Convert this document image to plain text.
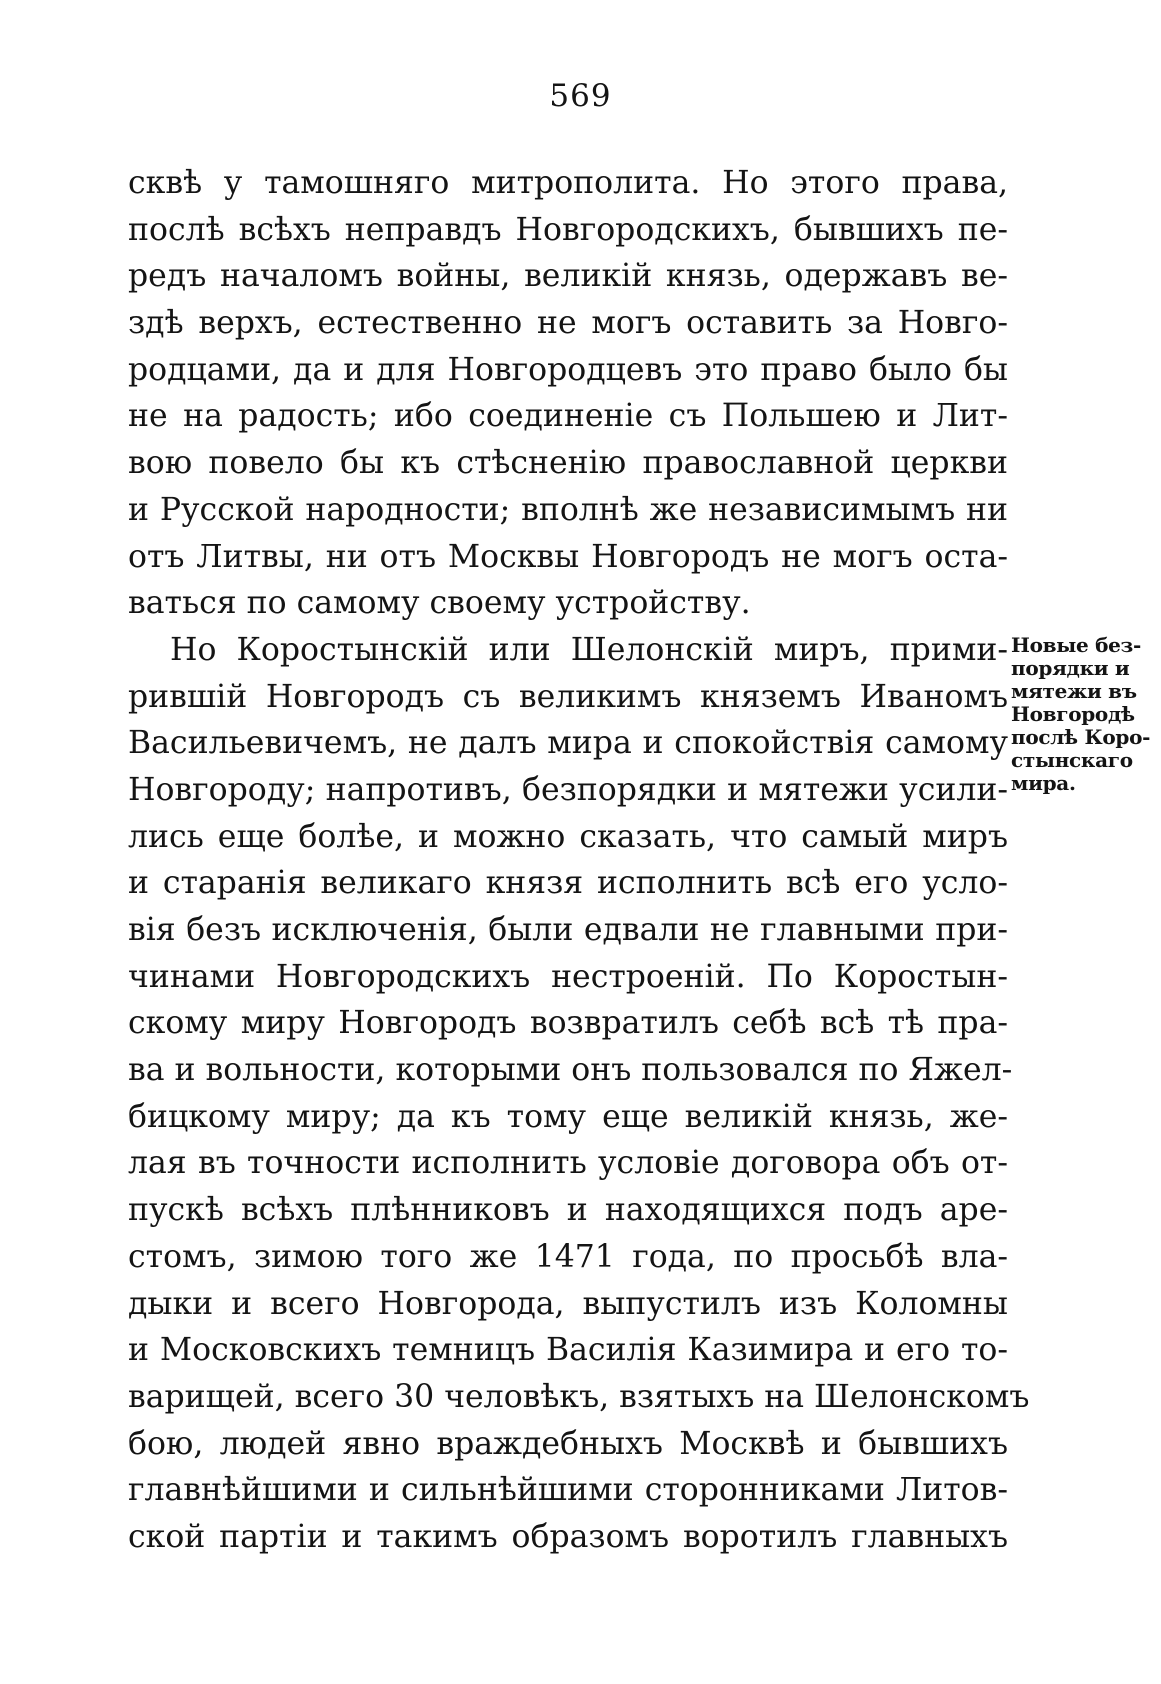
569
сквѣ у тамошняго митрополита. Но этого права,
послѣ всѣхъ неправдъ Новгородскихъ, бывшихъ пе-
редъ началомъ войны, великій князь, одержавъ ве-
здѣ верхъ, естественно не могъ оставить за Новго-
родцами, да и для Новгородцевъ это право было бы
не на радость; ибо соединеніе съ Польшею и Лит-
вою повело бы къ стѣсненію православной церкви
и Русской народности; вполнѣ же независимымъ ни
отъ Литвы, ни отъ Москвы Новгородъ не могъ оста-
ваться по самому своему устройству.
Но Коростынскій или Шелонскій миръ, прими-
рившій Новгородъ съ великимъ княземъ Иваномъ
Васильевичемъ, не далъ мира и спокойствія самому
Новгороду; напротивъ, безпорядки и мятежи усили-
лись еще болѣе, и можно сказать, что самый миръ
и старанія великаго князя исполнить всѣ его усло-
вія безъ исключенія, были едвали не главными при-
чинами Новгородскихъ нестроеній. По Коростын-
скому миру Новгородъ возвратилъ себѣ всѣ тѣ пра-
ва и вольности, которыми онъ пользовался по Яжел-
бицкому миру; да къ тому еще великій князь, же-
лая въ точности исполнить условіе договора объ от-
пускѣ всѣхъ плѣнниковъ и находящихся подъ аре-
стомъ, зимою того же 1471 года, по просьбѣ вла-
дыки и всего Новгорода, выпустилъ изъ Коломны
и Московскихъ темницъ Василія Казимира и его то-
варищей, всего 30 человѣкъ, взятыхъ на Шелонскомъ
бою, людей явно враждебныхъ Москвѣ и бывшихъ
главнѣйшими и сильнѣйшими сторонниками Литов-
ской партіи и такимъ образомъ воротилъ главныхъ
Новые без-
порядки и
мятежи въ
Новгородѣ
послѣ Коро-
стынскаго
мира.
